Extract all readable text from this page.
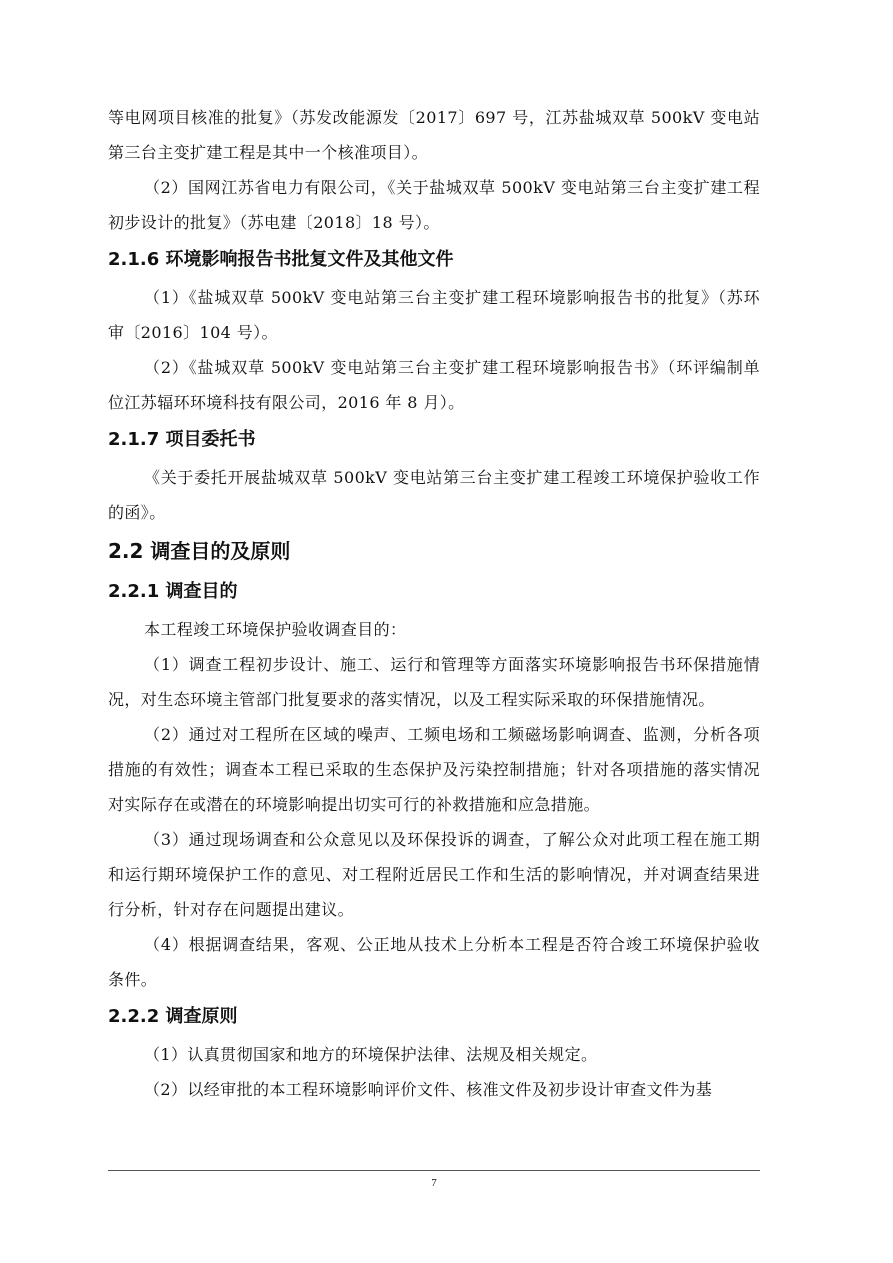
等电网项目核准的批复》（苏发改能源发〔2017〕697 号，江苏盐城双草 500kV 变电站第三台主变扩建工程是其中一个核准项目）。

（2）国网江苏省电力有限公司，《关于盐城双草 500kV 变电站第三台主变扩建工程初步设计的批复》（苏电建〔2018〕18 号）。

2.1.6 环境影响报告书批复文件及其他文件

（1）《盐城双草 500kV 变电站第三台主变扩建工程环境影响报告书的批复》（苏环审〔2016〕104 号）。

（2）《盐城双草 500kV 变电站第三台主变扩建工程环境影响报告书》（环评编制单位江苏辐环环境科技有限公司，2016 年 8 月）。

2.1.7 项目委托书

《关于委托开展盐城双草 500kV 变电站第三台主变扩建工程竣工环境保护验收工作的函》。

2.2 调查目的及原则
2.2.1 调查目的

本工程竣工环境保护验收调查目的：

（1）调查工程初步设计、施工、运行和管理等方面落实环境影响报告书环保措施情况，对生态环境主管部门批复要求的落实情况，以及工程实际采取的环保措施情况。

（2）通过对工程所在区域的噪声、工频电场和工频磁场影响调查、监测，分析各项措施的有效性；调查本工程已采取的生态保护及污染控制措施；针对各项措施的落实情况对实际存在或潜在的环境影响提出切实可行的补救措施和应急措施。

（3）通过现场调查和公众意见以及环保投诉的调查，了解公众对此项工程在施工期和运行期环境保护工作的意见、对工程附近居民工作和生活的影响情况，并对调查结果进行分析，针对存在问题提出建议。

（4）根据调查结果，客观、公正地从技术上分析本工程是否符合竣工环境保护验收条件。

2.2.2 调查原则

（1）认真贯彻国家和地方的环境保护法律、法规及相关规定。

（2）以经审批的本工程环境影响评价文件、核准文件及初步设计审查文件为基

7
